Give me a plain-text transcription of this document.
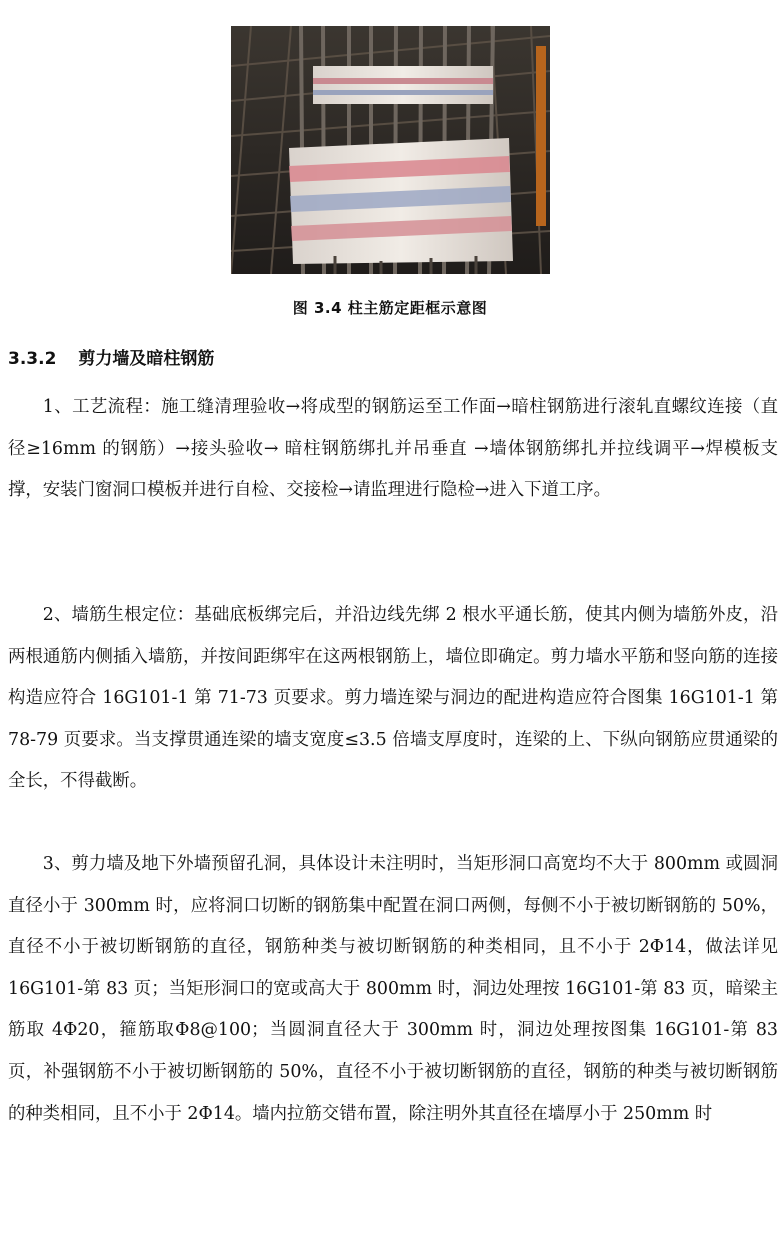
图 3.4 柱主筋定距框示意图
3.3.2 剪力墙及暗柱钢筋

1、工艺流程：施工缝清理验收→将成型的钢筋运至工作面→暗柱钢筋进行滚轧直螺纹连接（直径≥16mm 的钢筋）→接头验收→ 暗柱钢筋绑扎并吊垂直 →墙体钢筋绑扎并拉线调平→焊模板支撑，安装门窗洞口模板并进行自检、交接检→请监理进行隐检→进入下道工序。

2、墙筋生根定位：基础底板绑完后，并沿边线先绑 2 根水平通长筋，使其内侧为墙筋外皮，沿两根通筋内侧插入墙筋，并按间距绑牢在这两根钢筋上，墙位即确定。剪力墙水平筋和竖向筋的连接构造应符合 16G101-1 第 71-73 页要求。剪力墙连梁与洞边的配进构造应符合图集 16G101-1 第 78-79 页要求。当支撑贯通连梁的墙支宽度≤3.5 倍墙支厚度时，连梁的上、下纵向钢筋应贯通梁的全长，不得截断。

3、剪力墙及地下外墙预留孔洞，具体设计未注明时，当矩形洞口高宽均不大于 800mm 或圆洞直径小于 300mm 时，应将洞口切断的钢筋集中配置在洞口两侧，每侧不小于被切断钢筋的 50%，直径不小于被切断钢筋的直径，钢筋种类与被切断钢筋的种类相同，且不小于 2Φ14，做法详见 16G101-第 83 页；当矩形洞口的宽或高大于 800mm 时，洞边处理按 16G101-第 83 页，暗梁主筋取 4Φ20，箍筋取Φ8@100；当圆洞直径大于 300mm 时，洞边处理按图集 16G101-第 83 页，补强钢筋不小于被切断钢筋的 50%，直径不小于被切断钢筋的直径，钢筋的种类与被切断钢筋的种类相同，且不小于 2Φ14。墙内拉筋交错布置，除注明外其直径在墙厚小于 250mm 时
